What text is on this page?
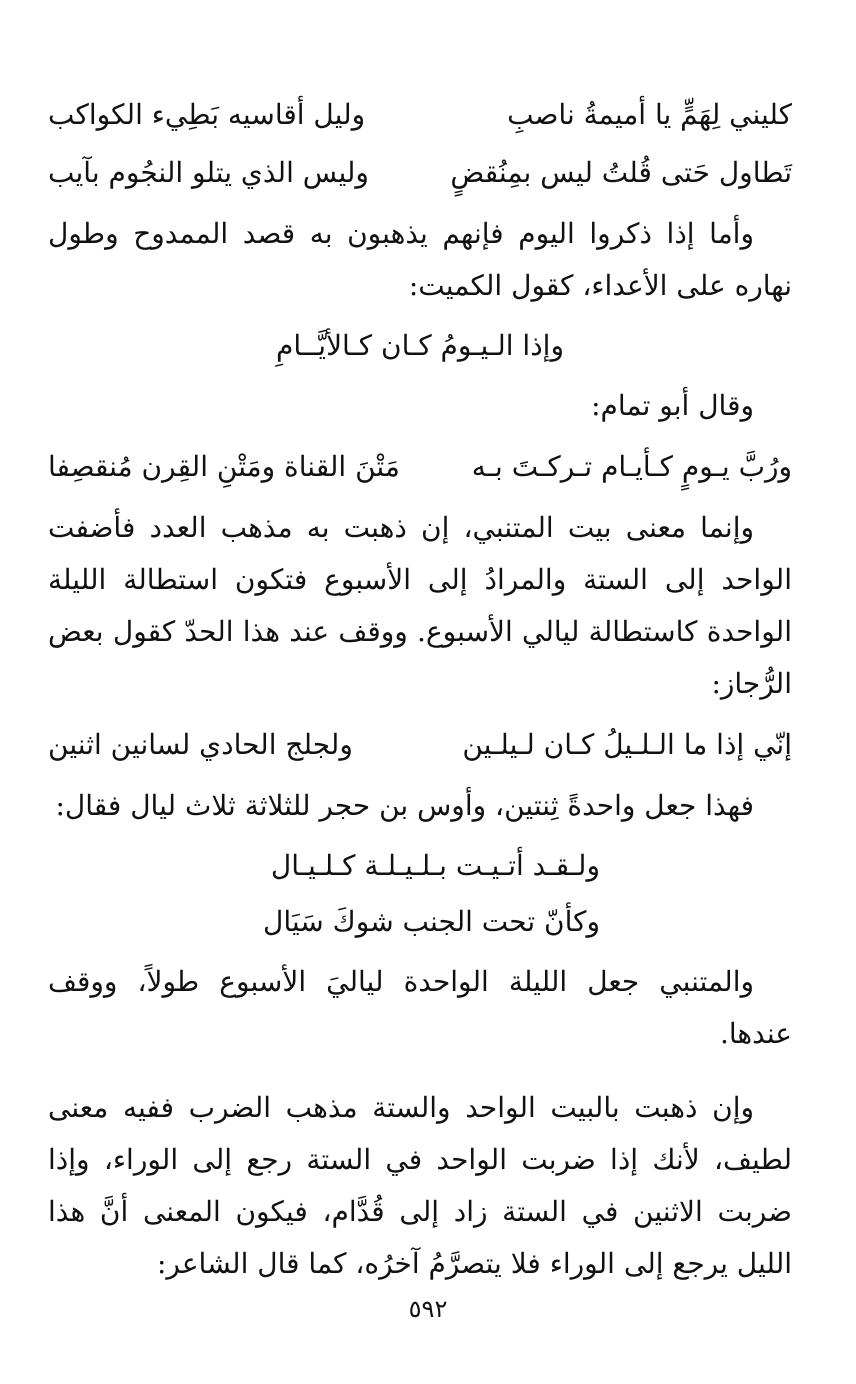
كليني لِهَمٍّ يا أميمةُ ناصبِ
وليل أقاسيه بَطِيء الكواكب
تَطاول حَتى قُلتُ ليس بمِنُقضٍ
وليس الذي يتلو النجُوم بآيب
وأما إذا ذكروا اليوم فإنهم يذهبون به قصد الممدوح وطول نهاره على الأعداء، كقول الكميت:
وإذا الـيـومُ كـان كـالأيَّــامِ
وقال أبو تمام:
ورُبَّ يـومٍ كـأيـام تـركـتَ بـه
مَتْنَ القناة ومَتْنِ القِرن مُنقصِفا
وإنما معنى بيت المتنبي، إن ذهبت به مذهب العدد فأضفت الواحد إلى الستة والمرادُ إلى الأسبوع فتكون استطالة الليلة الواحدة كاستطالة ليالي الأسبوع. ووقف عند هذا الحدّ كقول بعض الرُّجاز:
إنّي إذا ما الـلـيلُ كـان لـيلـين
ولجلج الحادي لسانين اثنين
فهذا جعل واحدةً ثِنتين، وأوس بن حجر للثلاثة ثلاث ليال فقال:
ولـقـد أتـيـت بـلـيـلـة كـلـيـال
وكأنّ تحت الجنب شوكَ سَيَال
والمتنبي جعل الليلة الواحدة لياليَ الأسبوع طولاً، ووقف عندها.
وإن ذهبت بالبيت الواحد والستة مذهب الضرب ففيه معنى لطيف، لأنك إذا ضربت الواحد في الستة رجع إلى الوراء، وإذا ضربت الاثنين في الستة زاد إلى قُدَّام، فيكون المعنى أنَّ هذا الليل يرجع إلى الوراء فلا يتصرَّمُ آخرُه، كما قال الشاعر:
٥٩٢
